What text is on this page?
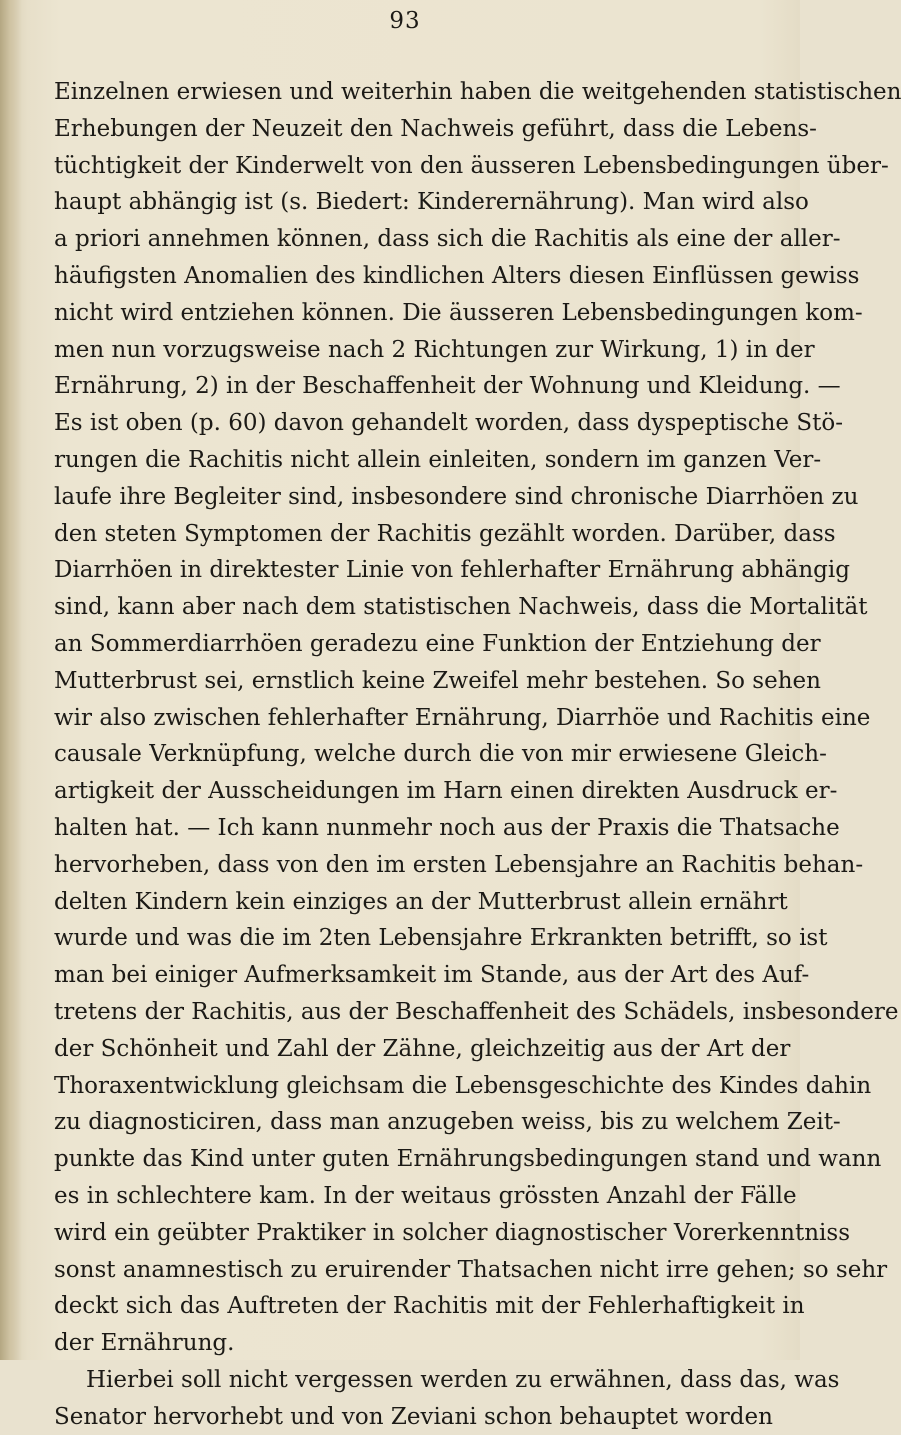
93
Einzelnen erwiesen und weiterhin haben die weitgehenden statistischen
Erhebungen der Neuzeit den Nachweis geführt, dass die Lebens-
tüchtigkeit der Kinderwelt von den äusseren Lebensbedingungen über-
haupt abhängig ist (s. Biedert: Kinderernährung). Man wird also
a priori annehmen können, dass sich die Rachitis als eine der aller-
häufigsten Anomalien des kindlichen Alters diesen Einflüssen gewiss
nicht wird entziehen können. Die äusseren Lebensbedingungen kom-
men nun vorzugsweise nach 2 Richtungen zur Wirkung, 1) in der
Ernährung, 2) in der Beschaffenheit der Wohnung und Kleidung. —
Es ist oben (p. 60) davon gehandelt worden, dass dyspeptische Stö-
rungen die Rachitis nicht allein einleiten, sondern im ganzen Ver-
laufe ihre Begleiter sind, insbesondere sind chronische Diarrhöen zu
den steten Symptomen der Rachitis gezählt worden. Darüber, dass
Diarrhöen in direktester Linie von fehlerhafter Ernährung abhängig
sind, kann aber nach dem statistischen Nachweis, dass die Mortalität
an Sommerdiarrhöen geradezu eine Funktion der Entziehung der
Mutterbrust sei, ernstlich keine Zweifel mehr bestehen. So sehen
wir also zwischen fehlerhafter Ernährung, Diarrhöe und Rachitis eine
causale Verknüpfung, welche durch die von mir erwiesene Gleich-
artigkeit der Ausscheidungen im Harn einen direkten Ausdruck er-
halten hat. — Ich kann nunmehr noch aus der Praxis die Thatsache
hervorheben, dass von den im ersten Lebensjahre an Rachitis behan-
delten Kindern kein einziges an der Mutterbrust allein ernährt
wurde und was die im 2ten Lebensjahre Erkrankten betrifft, so ist
man bei einiger Aufmerksamkeit im Stande, aus der Art des Auf-
tretens der Rachitis, aus der Beschaffenheit des Schädels, insbesondere
der Schönheit und Zahl der Zähne, gleichzeitig aus der Art der
Thoraxentwicklung gleichsam die Lebensgeschichte des Kindes dahin
zu diagnosticiren, dass man anzugeben weiss, bis zu welchem Zeit-
punkte das Kind unter guten Ernährungsbedingungen stand und wann
es in schlechtere kam. In der weitaus grössten Anzahl der Fälle
wird ein geübter Praktiker in solcher diagnostischer Vorerkenntniss
sonst anamnestisch zu eruirender Thatsachen nicht irre gehen; so sehr
deckt sich das Auftreten der Rachitis mit der Fehlerhaftigkeit in
der Ernährung.
Hierbei soll nicht vergessen werden zu erwähnen, dass das, was
Senator hervorhebt und von Zeviani schon behauptet worden
